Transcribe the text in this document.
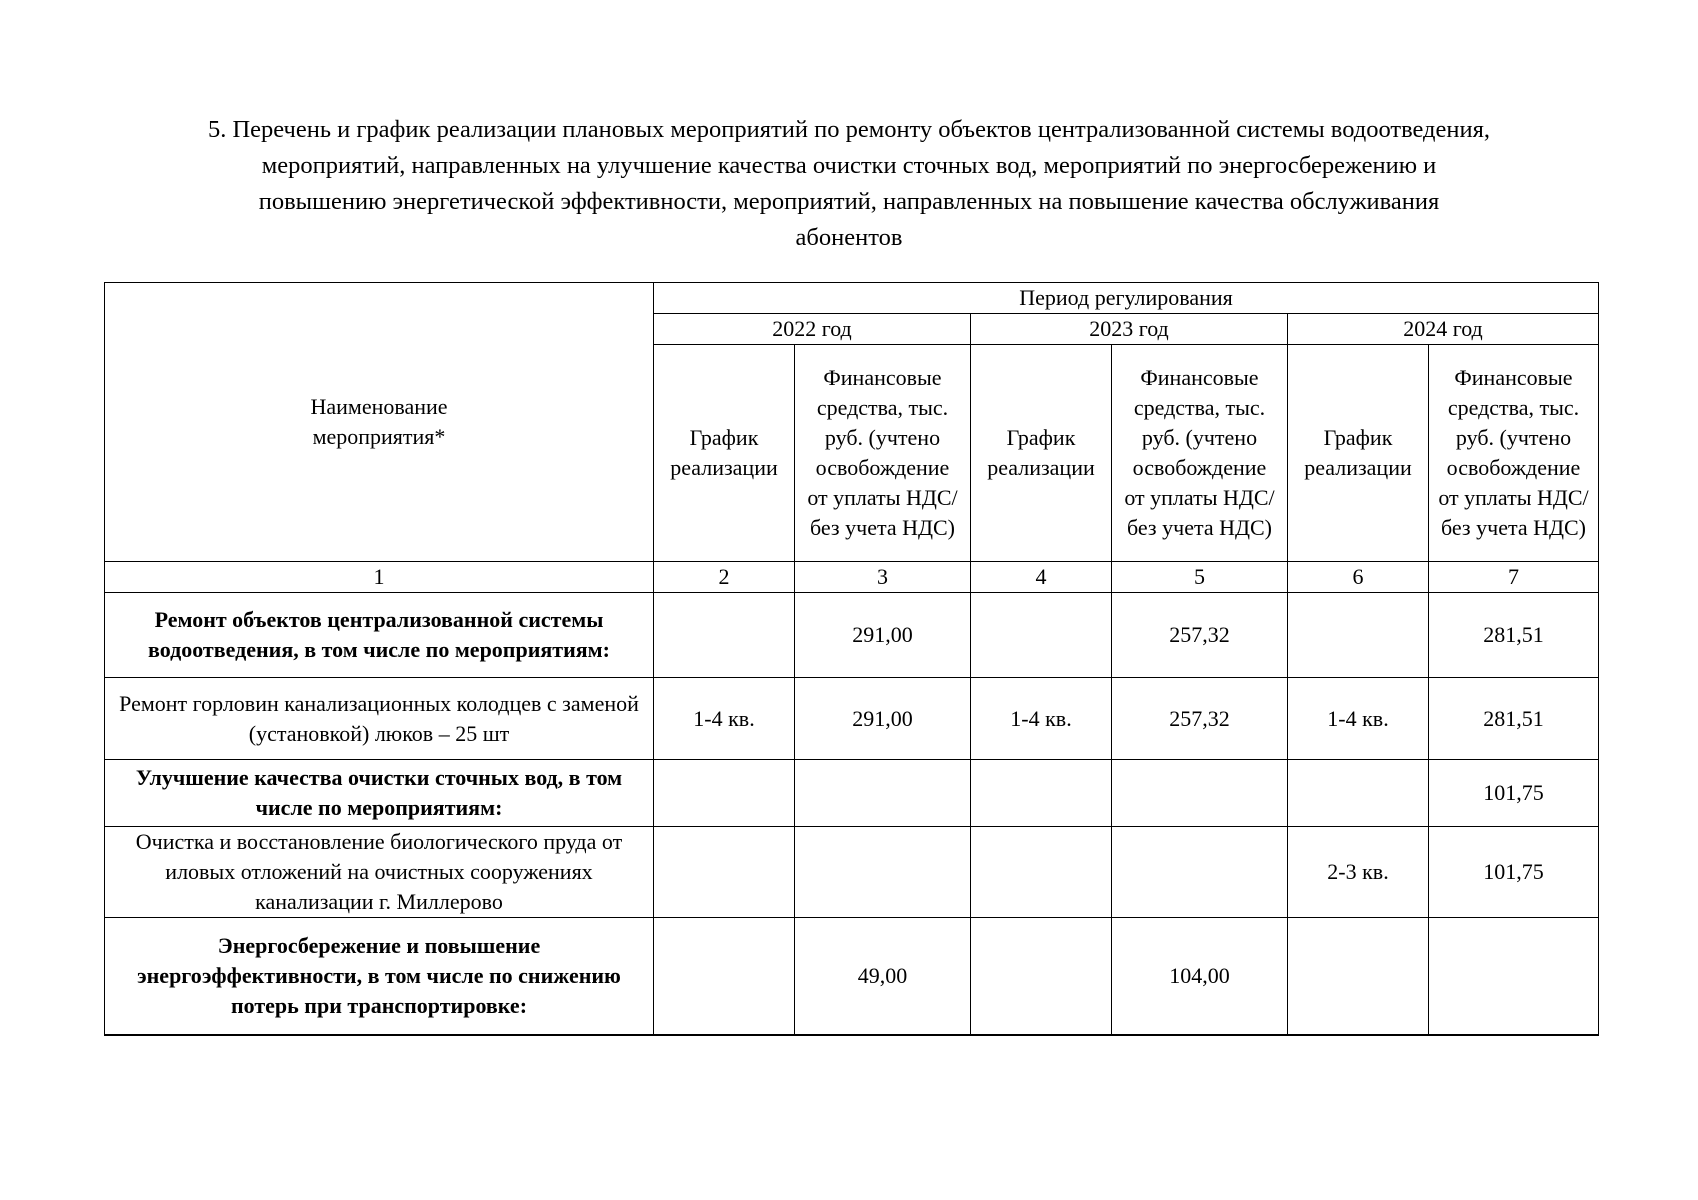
5. Перечень и график реализации плановых мероприятий по ремонту объектов централизованной системы водоотведения,
мероприятий, направленных на улучшение качества очистки сточных вод, мероприятий по энергосбережению и
повышению энергетической эффективности, мероприятий, направленных на повышение качества обслуживания
абонентов
Наименование мероприятия*	Период регулирования					
	2022 год		2023 год		2024 год	
	График реализации	Финансовые средства, тыс. руб. (учтено освобождение от уплаты НДС/без учета НДС)	График реализации	Финансовые средства, тыс. руб. (учтено освобождение от уплаты НДС/без учета НДС)	График реализации	Финансовые средства, тыс. руб. (учтено освобождение от уплаты НДС/без учета НДС)
1	2	3	4	5	6	7
Ремонт объектов централизованной системы водоотведения, в том числе по мероприятиям:		291,00		257,32		281,51
Ремонт горловин канализационных колодцев с заменой (установкой) люков – 25 шт	1-4 кв.	291,00	1-4 кв.	257,32	1-4 кв.	281,51
Улучшение качества очистки сточных вод, в том числе по мероприятиям:						101,75
Очистка и восстановление биологического пруда от иловых отложений на очистных сооружениях канализации г. Миллерово					2-3 кв.	101,75
Энергосбережение и повышение энергоэффективности, в том числе по снижению потерь при транспортировке:		49,00		104,00		
